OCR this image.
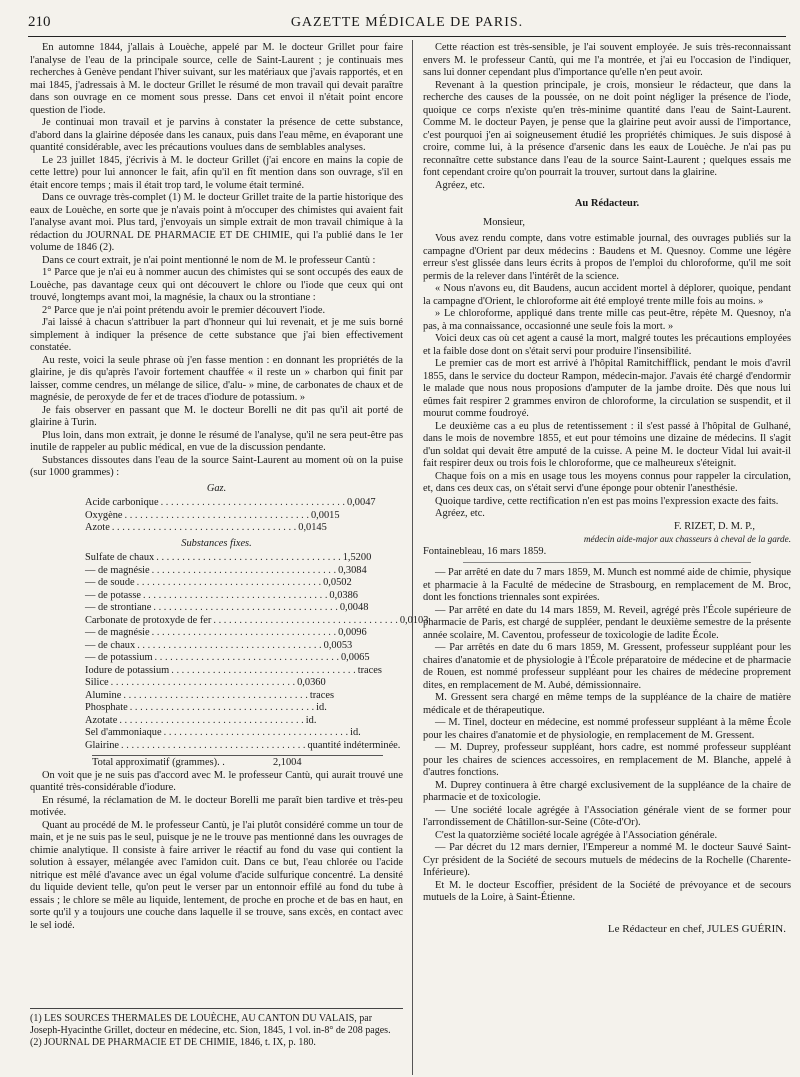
210	GAZETTE MÉDICALE DE PARIS.

En automne 1844, j'allais à Louèche, appelé par M. le docteur Grillet pour faire l'analyse de l'eau de la principale source, celle de Saint-Laurent ; je continuais mes recherches à Genève pendant l'hiver suivant, sur les matériaux que j'avais rapportés, et en mai 1845, j'adressais à M. le docteur Grillet le résumé de mon travail qui devait paraître dans son ouvrage en ce moment sous presse. Dans cet envoi il n'était point encore question de l'iode.

Je continuai mon travail et je parvins à constater la présence de cette substance, d'abord dans la glairine déposée dans les canaux, puis dans l'eau même, en évaporant une quantité considérable, avec les précautions voulues dans de semblables analyses.

Le 23 juillet 1845, j'écrivis à M. le docteur Grillet (j'ai encore en mains la copie de cette lettre) pour lui annoncer le fait, afin qu'il en fît mention dans son ouvrage, s'il en était encore temps ; mais il était trop tard, le volume était terminé.

Dans ce ouvrage très-complet (1) M. le docteur Grillet traite de la partie historique des eaux de Louèche, en sorte que je n'avais point à m'occuper des chimistes qui avaient fait l'analyse avant moi. Plus tard, j'envoyais un simple extrait de mon travail chimique à la rédaction du JOURNAL DE PHARMACIE ET DE CHIMIE, qui l'a publié dans le 1er volume de 1846 (2).

Dans ce court extrait, je n'ai point mentionné le nom de M. le professeur Cantù :

1° Parce que je n'ai eu à nommer aucun des chimistes qui se sont occupés des eaux de Louèche, pas davantage ceux qui ont découvert le chlore ou l'iode que ceux qui ont trouvé, longtemps avant moi, la magnésie, la chaux ou la strontiane :

2° Parce que je n'ai point prétendu avoir le premier découvert l'iode.

J'ai laissé à chacun s'attribuer la part d'honneur qui lui revenait, et je me suis borné simplement à indiquer la présence de cette substance que j'ai bien effectivement constatée.

Au reste, voici la seule phrase où j'en fasse mention : en donnant les propriétés de la glairine, je dis qu'après l'avoir fortement chauffée « il reste un » charbon qui finit par laisser, comme cendres, un mélange de silice, d'alu- » mine, de carbonates de chaux et de magnésie, de peroxyde de fer et de traces d'iodure de potassium. »

Je fais observer en passant que M. le docteur Borelli ne dit pas qu'il ait porté de glairine à Turin.

Plus loin, dans mon extrait, je donne le résumé de l'analyse, qu'il ne sera peut-être pas inutile de rappeler au public médical, en vue de la discussion pendante.

Substances dissoutes dans l'eau de la source Saint-Laurent au moment où on la puise (sur 1000 grammes) :

Gaz.
Acide carbonique . . . . . . . . . . . . . . . . . . . . . . . . . . . . . . . . . . . . 0,0047
Oxygène . . . . . . . . . . . . . . . . . . . . . . . . . . . . . . . . . . . . 0,0015
Azote . . . . . . . . . . . . . . . . . . . . . . . . . . . . . . . . . . . . 0,0145
Substances fixes.
Sulfate de chaux . . . . . . . . . . . . . . . . . . . . . . . . . . . . . . . . . . . . 1,5200
— de magnésie . . . . . . . . . . . . . . . . . . . . . . . . . . . . . . . . . . . . 0,3084
— de soude . . . . . . . . . . . . . . . . . . . . . . . . . . . . . . . . . . . . 0,0502
— de potasse . . . . . . . . . . . . . . . . . . . . . . . . . . . . . . . . . . . . 0,0386
— de strontiane . . . . . . . . . . . . . . . . . . . . . . . . . . . . . . . . . . . . 0,0048
Carbonate de protoxyde de fer . . . . . . . . . . . . . . . . . . . . . . . . . . . . . . . . . . . . 0,0103
— de magnésie . . . . . . . . . . . . . . . . . . . . . . . . . . . . . . . . . . . . 0,0096
— de chaux . . . . . . . . . . . . . . . . . . . . . . . . . . . . . . . . . . . . 0,0053
— de potassium . . . . . . . . . . . . . . . . . . . . . . . . . . . . . . . . . . . . 0,0065
Iodure de potassium . . . . . . . . . . . . . . . . . . . . . . . . . . . . . . . . . . . . traces
Silice . . . . . . . . . . . . . . . . . . . . . . . . . . . . . . . . . . . . 0,0360
Alumine . . . . . . . . . . . . . . . . . . . . . . . . . . . . . . . . . . . . traces
Phosphate . . . . . . . . . . . . . . . . . . . . . . . . . . . . . . . . . . . . id.
Azotate . . . . . . . . . . . . . . . . . . . . . . . . . . . . . . . . . . . . id.
Sel d'ammoniaque . . . . . . . . . . . . . . . . . . . . . . . . . . . . . . . . . . . . id.
Glairine . . . . . . . . . . . . . . . . . . . . . . . . . . . . . . . . . . . . quantité indéterminée.
Total approximatif (grammes). .	2,1004

On voit que je ne suis pas d'accord avec M. le professeur Cantù, qui aurait trouvé une quantité très-considérable d'iodure.

En résumé, la réclamation de M. le docteur Borelli me paraît bien tardive et très-peu motivée.

Quant au procédé de M. le professeur Cantù, je l'ai plutôt considéré comme un tour de main, et je ne suis pas le seul, puisque je ne le trouve pas mentionné dans les ouvrages de chimie analytique. Il consiste à faire arriver le réactif au fond du vase qui contient la solution à essayer, mélangée avec l'amidon cuit. Dans ce but, l'eau chlorée ou l'acide nitrique est mêlé d'avance avec un égal volume d'acide sulfurique concentré. La densité du liquide devient telle, qu'on peut le verser par un entonnoir effilé au fond du tube à essais ; le chlore se mêle au liquide, lentement, de proche en proche et de bas en haut, en sorte qu'il y a toujours une couche dans laquelle il se trouve, sans excès, en contact avec le sel iodé.

(1) LES SOURCES THERMALES DE LOUÈCHE, AU CANTON DU VALAIS, par Joseph-Hyacinthe Grillet, docteur en médecine, etc. Sion, 1845, 1 vol. in-8° de 208 pages.
(2) JOURNAL DE PHARMACIE ET DE CHIMIE, 1846, t. IX, p. 180.

Cette réaction est très-sensible, je l'ai souvent employée. Je suis très-reconnaissant envers M. le professeur Cantù, qui me l'a montrée, et j'ai eu l'occasion de l'indiquer, sans lui donner cependant plus d'importance qu'elle n'en peut avoir.

Revenant à la question principale, je crois, monsieur le rédacteur, que dans la recherche des causes de la poussée, on ne doit point négliger la présence de l'iode, quoique ce corps n'existe qu'en très-minime quantité dans l'eau de Saint-Laurent. Comme M. le docteur Payen, je pense que la glairine peut avoir aussi de l'importance, c'est pourquoi j'en ai soigneusement étudié les propriétés chimiques. Je suis disposé à croire, comme lui, à la présence d'arsenic dans les eaux de Louèche. Je n'ai pas pu reconnaître cette substance dans l'eau de la source Saint-Laurent ; quelques essais me font cependant croire qu'on pourrait la trouver, surtout dans la glairine.

Agréez, etc.

Au Rédacteur.
Monsieur,

Vous avez rendu compte, dans votre estimable journal, des ouvrages publiés sur la campagne d'Orient par deux médecins : Baudens et M. Quesnoy. Comme une légère erreur s'est glissée dans leurs écrits à propos de l'emploi du chloroforme, qu'il me soit permis de la relever dans l'intérêt de la science.

« Nous n'avons eu, dit Baudens, aucun accident mortel à déplorer, quoique, pendant la campagne d'Orient, le chloroforme ait été employé trente mille fois au moins. »

» Le chloroforme, appliqué dans trente mille cas peut-être, répète M. Quesnoy, n'a pas, à ma connaissance, occasionné une seule fois la mort. »

Voici deux cas où cet agent a causé la mort, malgré toutes les précautions employées et la faible dose dont on s'était servi pour produire l'insensibilité.

Le premier cas de mort est arrivé à l'hôpital Ramitchifflick, pendant le mois d'avril 1855, dans le service du docteur Rampon, médecin-major. J'avais été chargé d'endormir le malade que nous nous proposions d'amputer de la jambe droite. Dès que nous lui eûmes fait respirer 2 grammes environ de chloroforme, la circulation se suspendit, et il mourut comme foudroyé.

Le deuxième cas a eu plus de retentissement : il s'est passé à l'hôpital de Gulhané, dans le mois de novembre 1855, et eut pour témoins une dizaine de médecins. Il s'agit d'un soldat qui devait être amputé de la cuisse. A peine M. le docteur Vidal lui avait-il fait respirer deux ou trois fois le chloroforme, que ce malheureux s'éteignit.

Chaque fois on a mis en usage tous les moyens connus pour rappeler la circulation, et, dans ces deux cas, on s'était servi d'une éponge pour obtenir l'anesthésie.

Quoique tardive, cette rectification n'en est pas moins l'expression exacte des faits.

Agréez, etc.

F. RIZET, D. M. P.,
médecin aide-major aux chasseurs à cheval de la garde.

Fontainebleau, 16 mars 1859.

— Par arrêté en date du 7 mars 1859, M. Munch est nommé aide de chimie, physique et pharmacie à la Faculté de médecine de Strasbourg, en remplacement de M. Broc, dont les fonctions triennales sont expirées.

— Par arrêté en date du 14 mars 1859, M. Reveil, agrégé près l'École supérieure de pharmacie de Paris, est chargé de suppléer, pendant le deuxième semestre de la présente année scolaire, M. Caventou, professeur de toxicologie de ladite École.

— Par arrêtés en date du 6 mars 1859, M. Gressent, professeur suppléant pour les chaires d'anatomie et de physiologie à l'École préparatoire de médecine et de pharmacie de Rouen, est nommé professeur suppléant pour les chaires de médecine proprement dites, en remplacement de M. Aubé, démissionnaire.

M. Gressent sera chargé en même temps de la suppléance de la chaire de matière médicale et de thérapeutique.

— M. Tinel, docteur en médecine, est nommé professeur suppléant à la même École pour les chaires d'anatomie et de physiologie, en remplacement de M. Gressent.

— M. Duprey, professeur suppléant, hors cadre, est nommé professeur suppléant pour les chaires de sciences accessoires, en remplacement de M. Blanche, appelé à d'autres fonctions.

M. Duprey continuera à être chargé exclusivement de la suppléance de la chaire de pharmacie et de toxicologie.

— Une société locale agrégée à l'Association générale vient de se former pour l'arrondissement de Châtillon-sur-Seine (Côte-d'Or).

C'est la quatorzième société locale agrégée à l'Association générale.

— Par décret du 12 mars dernier, l'Empereur a nommé M. le docteur Sauvé Saint-Cyr président de la Société de secours mutuels de médecins de la Rochelle (Charente-Inférieure).

Et M. le docteur Escoffier, président de la Société de prévoyance et de secours mutuels de la Loire, à Saint-Étienne.

Le Rédacteur en chef, JULES GUÉRIN.
